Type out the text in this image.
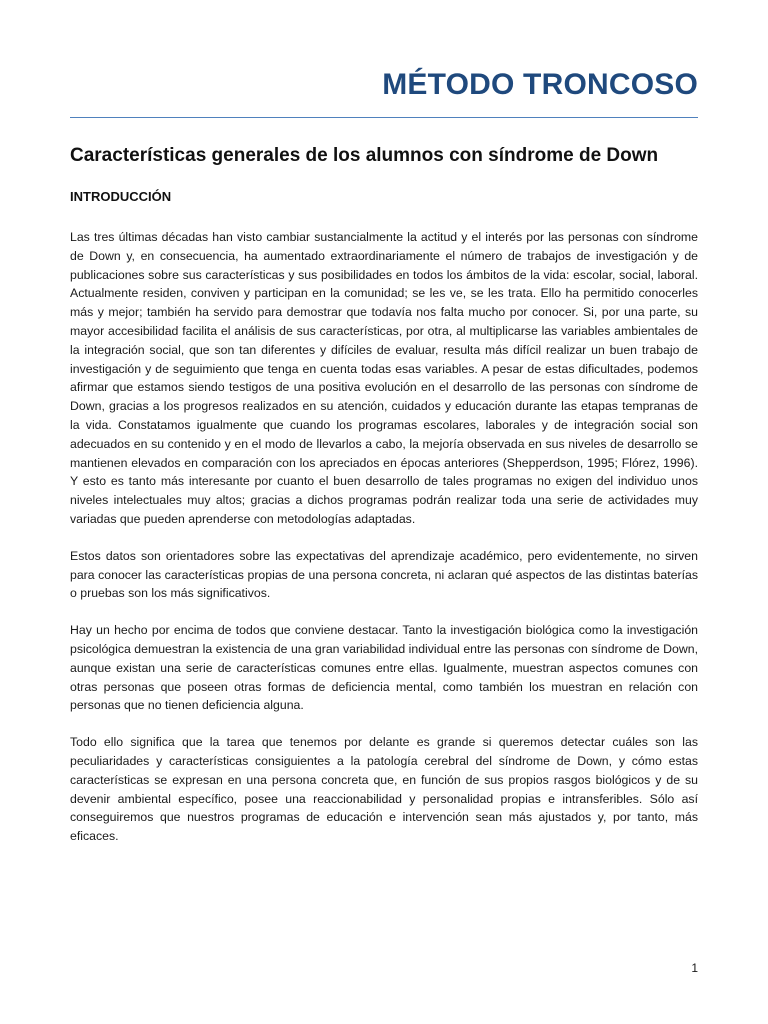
MÉTODO TRONCOSO
Características generales de los alumnos con síndrome de Down
INTRODUCCIÓN

Las tres últimas décadas han visto cambiar sustancialmente la actitud y el interés por las personas con síndrome de Down y, en consecuencia, ha aumentado extraordinariamente el número de trabajos de investigación y de publicaciones sobre sus características y sus posibilidades en todos los ámbitos de la vida: escolar, social, laboral. Actualmente residen, conviven y participan en la comunidad; se les ve, se les trata. Ello ha permitido conocerles más y mejor; también ha servido para demostrar que todavía nos falta mucho por conocer. Si, por una parte, su mayor accesibilidad facilita el análisis de sus características, por otra, al multiplicarse las variables ambientales de la integración social, que son tan diferentes y difíciles de evaluar, resulta más difícil realizar un buen trabajo de investigación y de seguimiento que tenga en cuenta todas esas variables. A pesar de estas dificultades, podemos afirmar que estamos siendo testigos de una positiva evolución en el desarrollo de las personas con síndrome de Down, gracias a los progresos realizados en su atención, cuidados y educación durante las etapas tempranas de la vida. Constatamos igualmente que cuando los programas escolares, laborales y de integración social son adecuados en su contenido y en el modo de llevarlos a cabo, la mejoría observada en sus niveles de desarrollo se mantienen elevados en comparación con los apreciados en épocas anteriores (Shepperdson, 1995; Flórez, 1996). Y esto es tanto más interesante por cuanto el buen desarrollo de tales programas no exigen del individuo unos niveles intelectuales muy altos; gracias a dichos programas podrán realizar toda una serie de actividades muy variadas que pueden aprenderse con metodologías adaptadas.

Estos datos son orientadores sobre las expectativas del aprendizaje académico, pero evidentemente, no sirven para conocer las características propias de una persona concreta, ni aclaran qué aspectos de las distintas baterías o pruebas son los más significativos.

Hay un hecho por encima de todos que conviene destacar. Tanto la investigación biológica como la investigación psicológica demuestran la existencia de una gran variabilidad individual entre las personas con síndrome de Down, aunque existan una serie de características comunes entre ellas. Igualmente, muestran aspectos comunes con otras personas que poseen otras formas de deficiencia mental, como también los muestran en relación con personas que no tienen deficiencia alguna.

Todo ello significa que la tarea que tenemos por delante es grande si queremos detectar cuáles son las peculiaridades y características consiguientes a la patología cerebral del síndrome de Down, y cómo estas características se expresan en una persona concreta que, en función de sus propios rasgos biológicos y de su devenir ambiental específico, posee una reaccionabilidad y personalidad propias e intransferibles. Sólo así conseguiremos que nuestros programas de educación e intervención sean más ajustados y, por tanto, más eficaces.

1
